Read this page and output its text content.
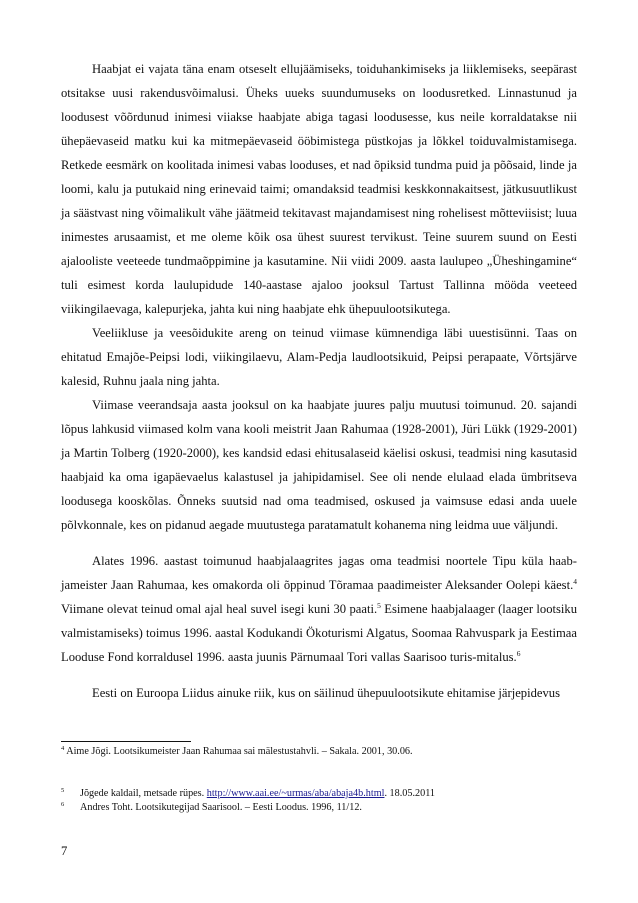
Haabjat ei vajata täna enam otseselt ellujäämiseks, toiduhankimiseks ja liiklemiseks, seepärast otsitakse uusi rakendusvõimalusi. Üheks uueks suundumuseks on loodusretked. Linnastunud ja loodusest võõrdunud inimesi viiakse haabjate abiga tagasi loodusesse, kus neile korraldatakse nii ühepäevaseid matku kui ka mitmepäevaseid ööbimistega püstkojas ja lõkkel toiduvalmistamisega. Retkede eesmärk on koolitada inimesi vabas looduses, et nad õpiksid tundma puid ja põõsaid, linde ja loomi, kalu ja putukaid ning erinevaid taimi; omandaksid teadmisi keskkonnakaitsest, jätkusuutlikust ja säästvast ning võimalikult vähe jäätmeid tekitavast majandamisest ning rohelisest mõtteviisist; luua inimestes arusaamist, et me oleme kõik osa ühest suurest tervikust. Teine suurem suund on Eesti ajalooliste veeteede tundmaõppimine ja kasutamine. Nii viidi 2009. aasta laulupeo „Üheshingamine“ tuli esimest korda laulupidude 140-aastase ajaloo jooksul Tartust Tallinna mööda veeteed viikingilaevaga, kalepurjeka, jahta kui ning haabjate ehk ühepuulootsikutega.

Veeliikluse ja veesõidukite areng on teinud viimase kümnendiga läbi uuestisünni. Taas on ehitatud Emajõe-Peipsi lodi, viikingilaevu, Alam-Pedja laudlootsikuid, Peipsi perapaate, Võrtsjärve kalesid, Ruhnu jaala ning jahta.

Viimase veerandsaja aasta jooksul on ka haabjate juures palju muutusi toimunud. 20. sajandi lõpus lahkusid viimased kolm vana kooli meistrit Jaan Rahumaa (1928-2001), Jüri Lükk (1929-2001) ja Martin Tolberg (1920-2000), kes kandsid edasi ehitusalaseid käelisi oskusi, teadmisi ning kasutasid haabjaid ka oma igapäevaelus kalastusel ja jahipidamisel. See oli nende elulaad elada ümbritseva loodusega kooskõlas. Õnneks suutsid nad oma teadmised, oskused ja vaimsuse edasi anda uuele põlvkonnale, kes on pidanud aegade muutustega paratamatult kohanema ning leidma uue väljundi.

Alates 1996. aastast toimunud haabjalaagrites jagas oma teadmisi noortele Tipu küla haab-jameister Jaan Rahumaa, kes omakorda oli õppinud Tõramaa paadimeister Aleksander Oolepi käest.$^4$ Viimane olevat teinud omal ajal heal suvel isegi kuni 30 paati.$^5$ Esimene haabjalaager (laager lootsiku valmistamiseks) toimus 1996. aastal Kodukandi Ökoturismi Algatus, Soomaa Rahvuspark ja Eestimaa Looduse Fond korraldusel 1996. aasta juunis Pärnumaal Tori vallas Saarisoo turis-mitalus.$^6$

Eesti on Euroopa Liidus ainuke riik, kus on säilinud ühepuulootsikute ehitamise järjepidevus

$^4$ Aime Jõgi. Lootsikumeister Jaan Rahumaa sai mälestustahvli. – Sakala. 2001, 30.06.
$^5$ Jõgede kaldail, metsade rüpes. http://www.aai.ee/~urmas/aba/abaja4b.html. 18.05.2011
$^6$ Andres Toht. Lootsikutegijad Saarisool. – Eesti Loodus. 1996, 11/12.
7
